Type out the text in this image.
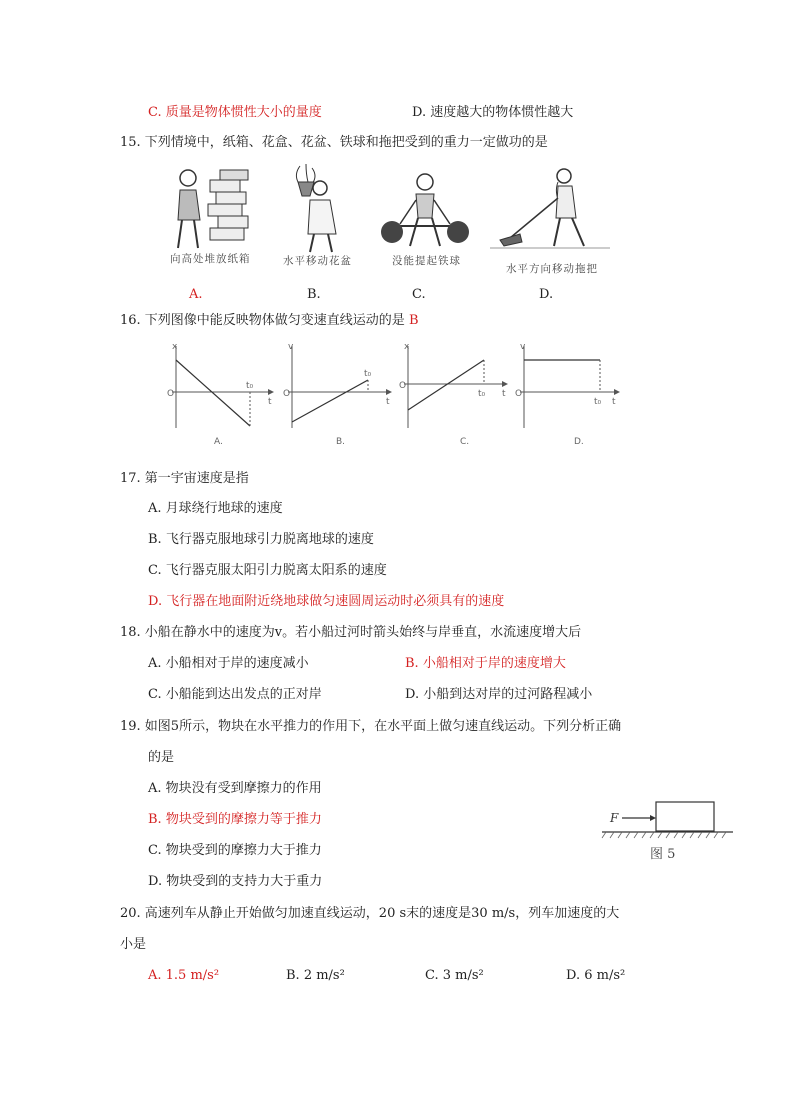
C. 质量是物体惯性大小的量度	D. 速度越大的物体惯性越大
15. 下列情境中，纸箱、花盒、花盆、铁球和拖把受到的重力一定做功的是
向高处堆放纸箱	水平移动花盆	没能提起铁球
水平方向移动拖把
A.	B.	C.	D.
16. 下列图像中能反映物体做匀变速直线运动的是 B
x
O
t₀
t
A.
v
O
t₀
t
B.
x
O
t₀ t
C.
v
O
t₀ t
D.
17. 第一宇宙速度是指
A. 月球绕行地球的速度
B. 飞行器克服地球引力脱离地球的速度
C. 飞行器克服太阳引力脱离太阳系的速度
D. 飞行器在地面附近绕地球做匀速圆周运动时必须具有的速度
18. 小船在静水中的速度为v。若小船过河时箭头始终与岸垂直，水流速度增大后
A. 小船相对于岸的速度减小	B. 小船相对于岸的速度增大
C. 小船能到达出发点的正对岸	D. 小船到达对岸的过河路程减小
19. 如图5所示，物块在水平推力的作用下，在水平面上做匀速直线运动。下列分析正确
的是
A. 物块没有受到摩擦力的作用
B. 物块受到的摩擦力等于推力
C. 物块受到的摩擦力大于推力
D. 物块受到的支持力大于重力
F
图 5
20. 高速列车从静止开始做匀加速直线运动，20 s末的速度是30 m/s，列车加速度的大
小是
A. 1.5 m/s²	B. 2 m/s²	C. 3 m/s²	D. 6 m/s²
